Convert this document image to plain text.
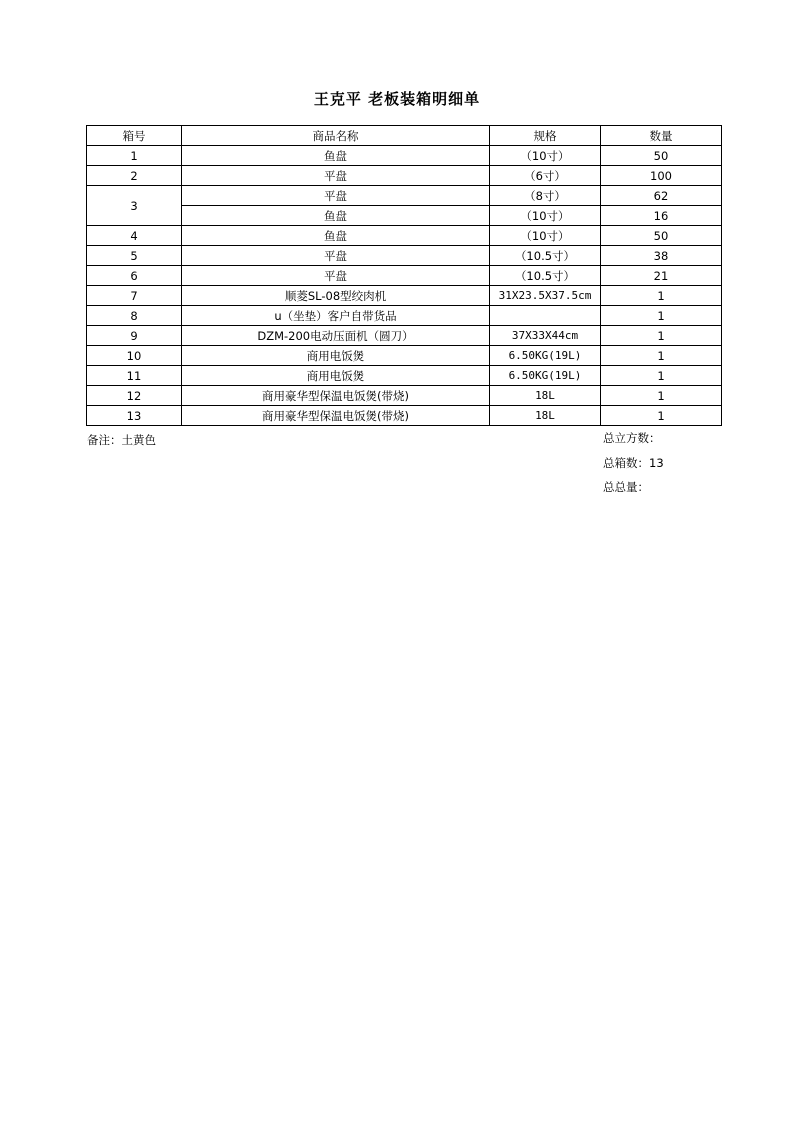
王克平 老板装箱明细单
箱号	商品名称	规格	数量
1	鱼盘	（10寸）	50
2	平盘	（6寸）	100
3	平盘	（8寸）	62
	鱼盘	（10寸）	16
4	鱼盘	（10寸）	50
5	平盘	（10.5寸）	38
6	平盘	（10.5寸）	21
7	顺菱SL-08型绞肉机	31X23.5X37.5cm	1
8	u（坐垫）客户自带货品		1
9	DZM-200电动压面机（圆刀）	37X33X44cm	1
10	商用电饭煲	6.50KG(19L)	1
11	商用电饭煲	6.50KG(19L)	1
12	商用豪华型保温电饭煲(带烧)	18L	1
13	商用豪华型保温电饭煲(带烧)	18L	1
备注：土黄色	总立方数：
总箱数：13
总总量：
